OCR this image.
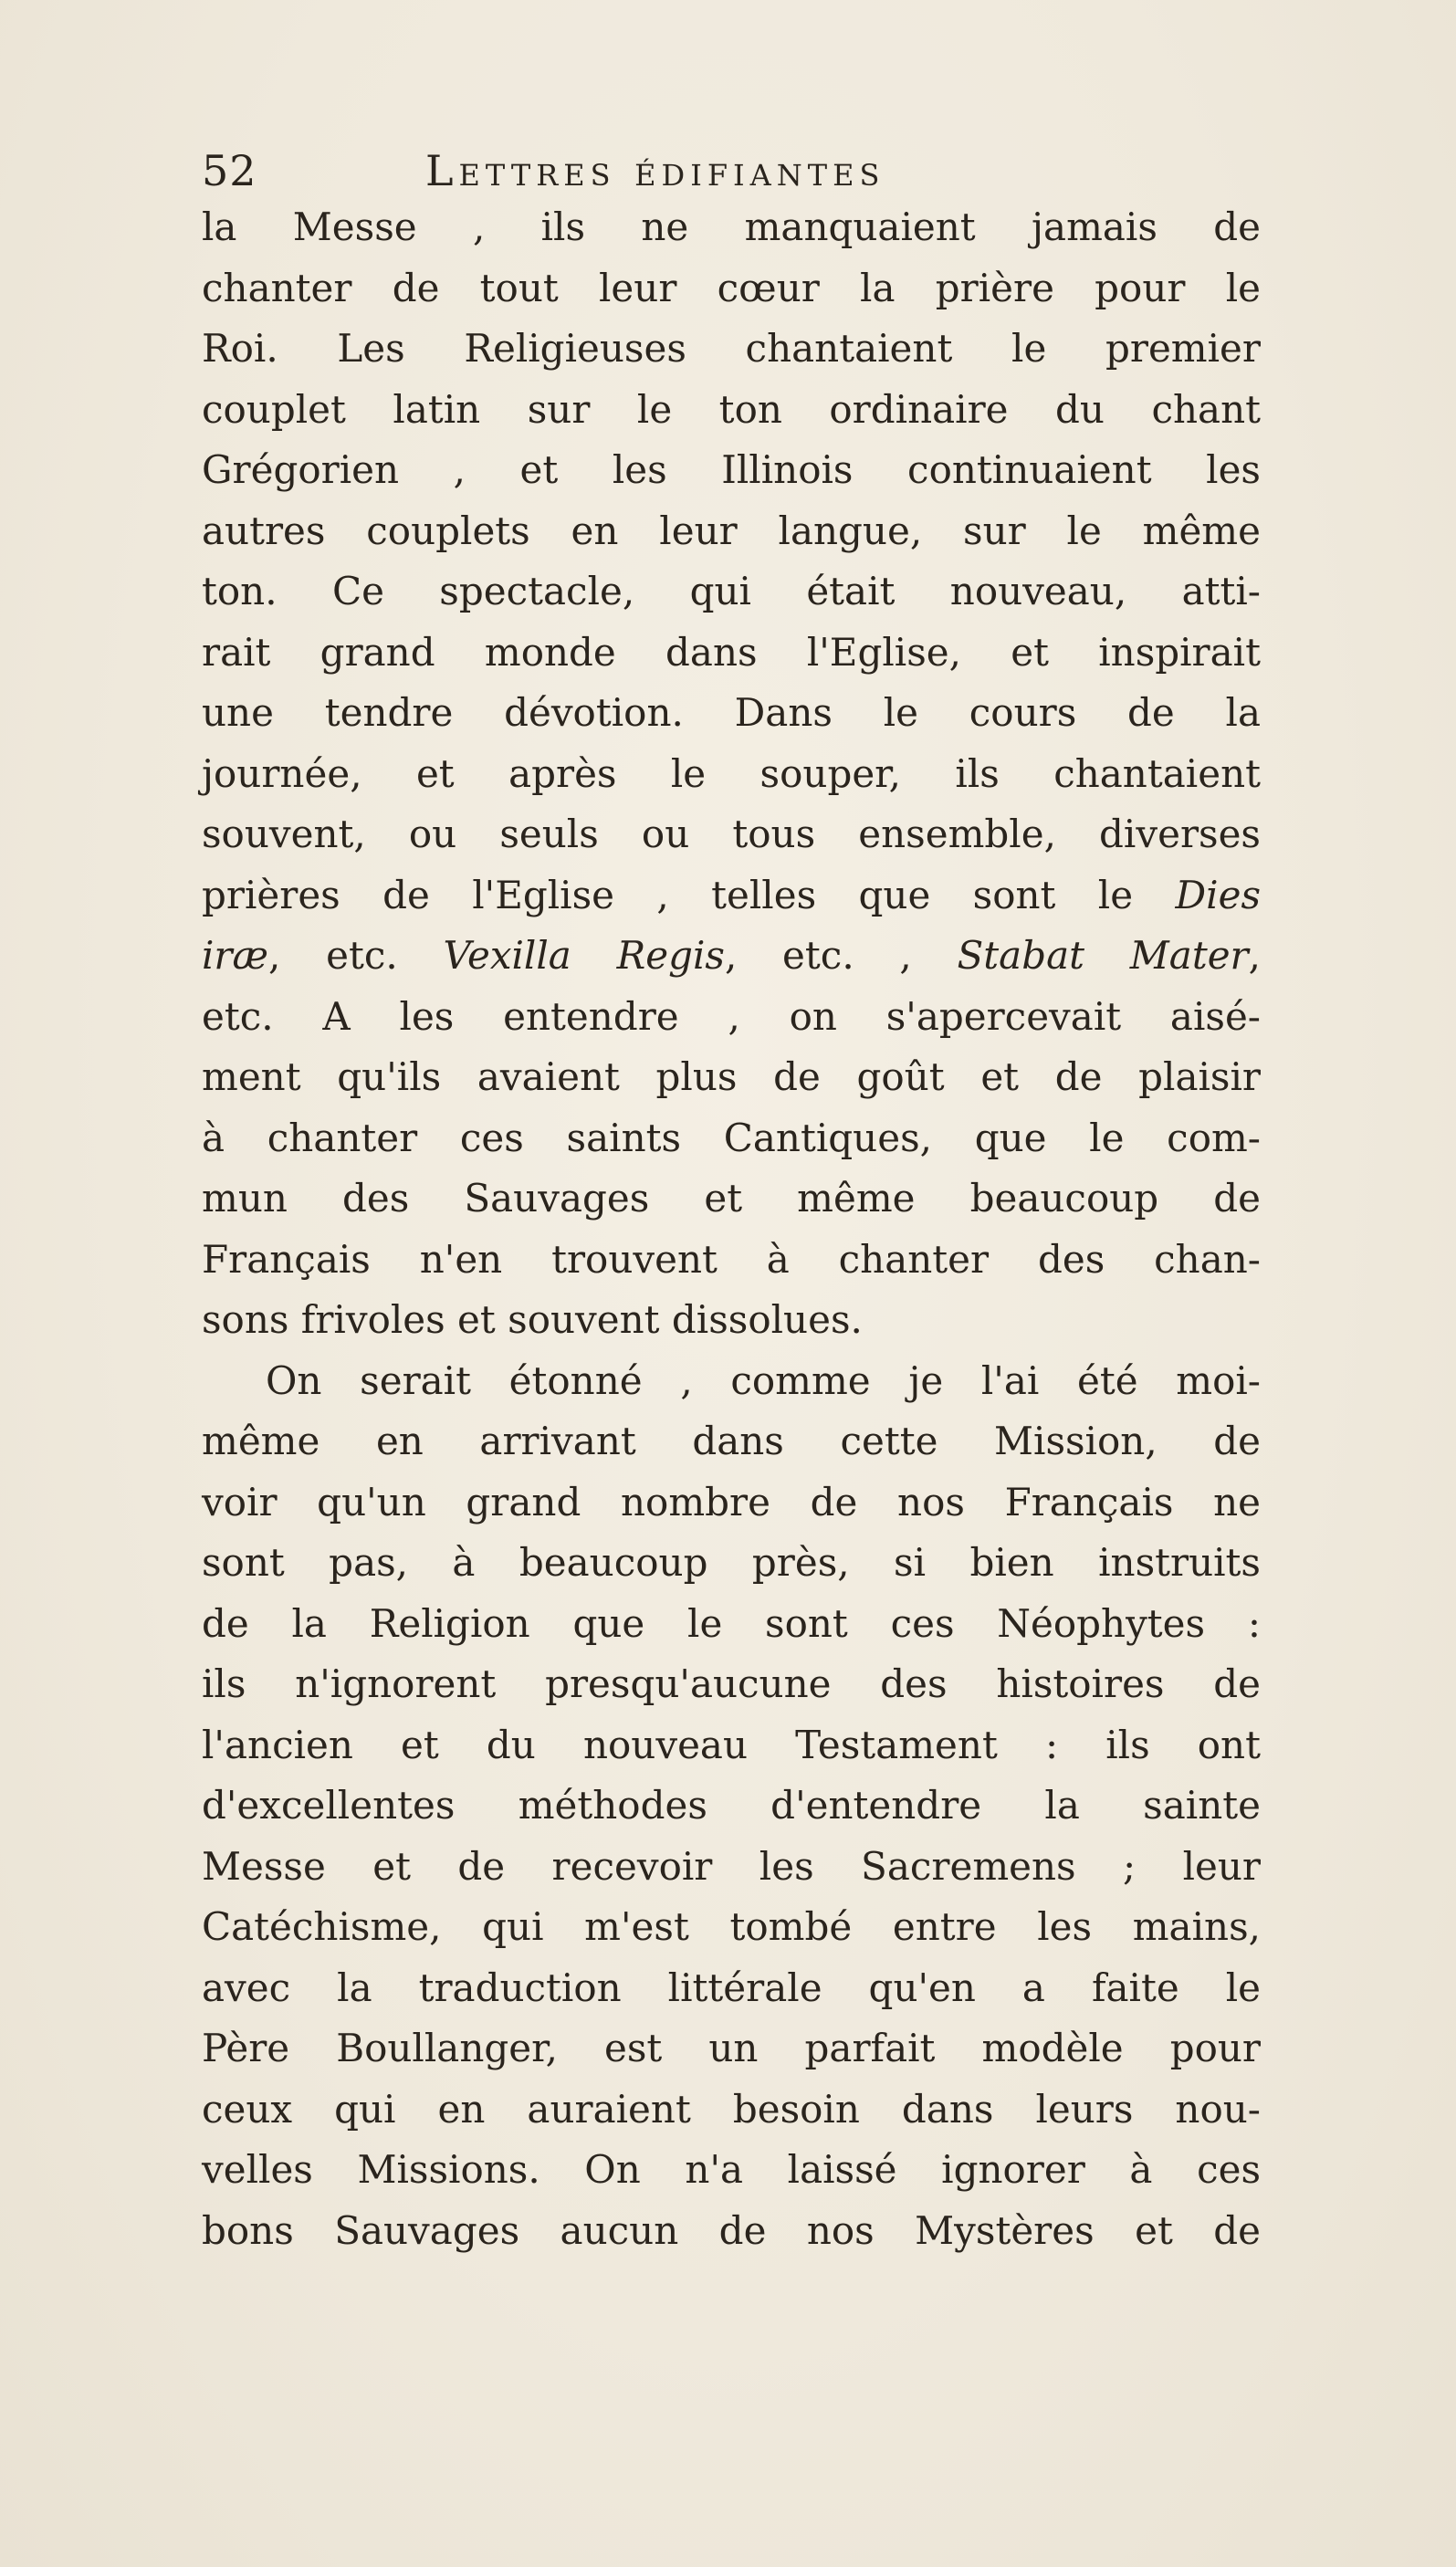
52	Lettres édifiantes
la Messe , ils ne manquaient jamais de
chanter de tout leur cœur la prière pour le
Roi. Les Religieuses chantaient le premier
couplet latin sur le ton ordinaire du chant
Grégorien , et les Illinois continuaient les
autres couplets en leur langue, sur le même
ton. Ce spectacle, qui était nouveau, atti-
rait grand monde dans l'Eglise, et inspirait
une tendre dévotion. Dans le cours de la
journée, et après le souper, ils chantaient
souvent, ou seuls ou tous ensemble, diverses
prières de l'Eglise , telles que sont le Dies
iræ, etc. Vexilla Regis, etc. , Stabat Mater,
etc. A les entendre , on s'apercevait aisé-
ment qu'ils avaient plus de goût et de plaisir
à chanter ces saints Cantiques, que le com-
mun des Sauvages et même beaucoup de
Français n'en trouvent à chanter des chan-
sons frivoles et souvent dissolues.
On serait étonné , comme je l'ai été moi-
même en arrivant dans cette Mission, de
voir qu'un grand nombre de nos Français ne
sont pas, à beaucoup près, si bien instruits
de la Religion que le sont ces Néophytes :
ils n'ignorent presqu'aucune des histoires de
l'ancien et du nouveau Testament : ils ont
d'excellentes méthodes d'entendre la sainte
Messe et de recevoir les Sacremens ; leur
Catéchisme, qui m'est tombé entre les mains,
avec la traduction littérale qu'en a faite le
Père Boullanger, est un parfait modèle pour
ceux qui en auraient besoin dans leurs nou-
velles Missions. On n'a laissé ignorer à ces
bons Sauvages aucun de nos Mystères et de
